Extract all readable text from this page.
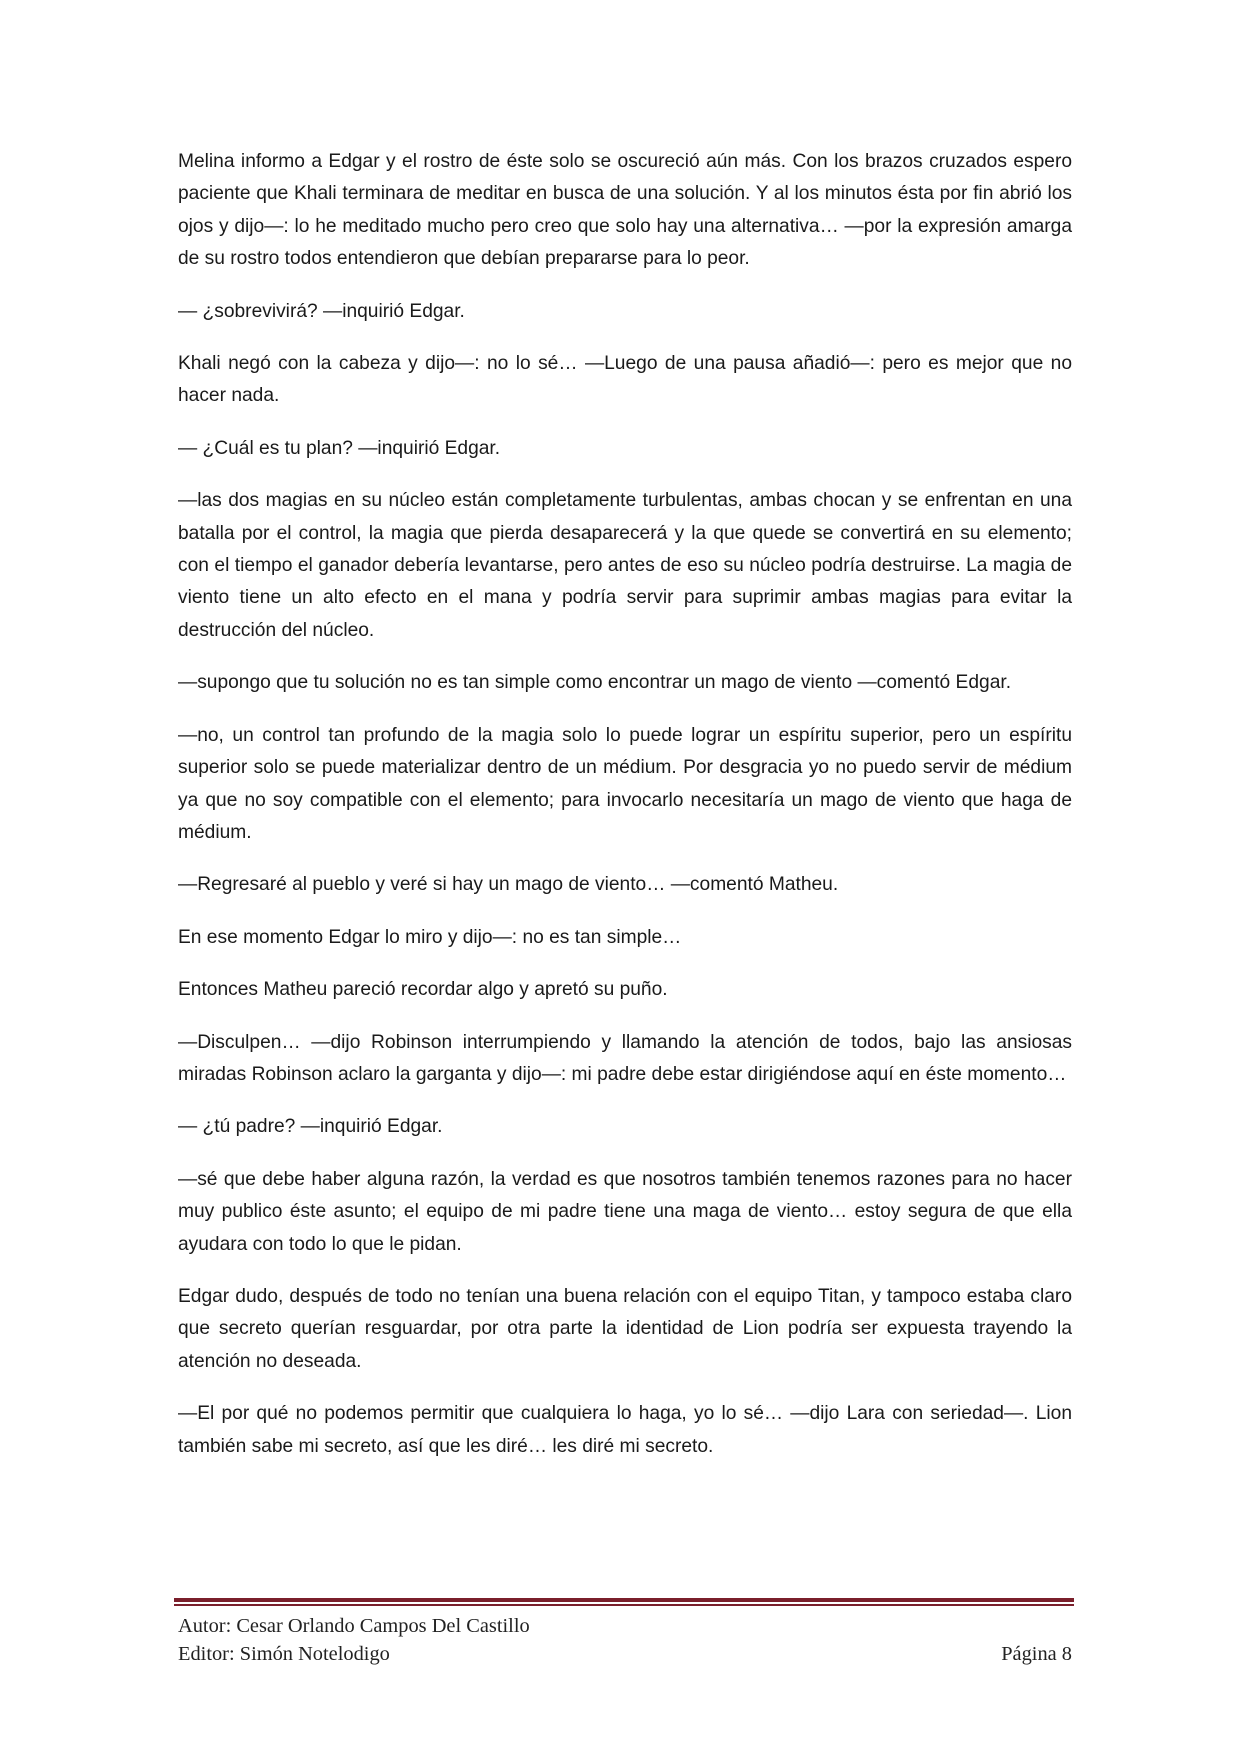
Melina informo a Edgar y el rostro de éste solo se oscureció aún más. Con los brazos cruzados espero paciente que Khali terminara de meditar en busca de una solución. Y al los minutos ésta por fin abrió los ojos y dijo—: lo he meditado mucho pero creo que solo hay una alternativa… —por la expresión amarga de su rostro todos entendieron que debían prepararse para lo peor.

— ¿sobrevivirá? —inquirió Edgar.

Khali negó con la cabeza y dijo—: no lo sé… —Luego de una pausa añadió—: pero es mejor que no hacer nada.

— ¿Cuál es tu plan? —inquirió Edgar.

—las dos magias en su núcleo están completamente turbulentas, ambas chocan y se enfrentan en una batalla por el control, la magia que pierda desaparecerá y la que quede se convertirá en su elemento; con el tiempo el ganador debería levantarse, pero antes de eso su núcleo podría destruirse. La magia de viento tiene un alto efecto en el mana y podría servir para suprimir ambas magias para evitar la destrucción del núcleo.

—supongo que tu solución no es tan simple como encontrar un mago de viento —comentó Edgar.

—no, un control tan profundo de la magia solo lo puede lograr un espíritu superior, pero un espíritu superior solo se puede materializar dentro de un médium. Por desgracia yo no puedo servir de médium ya que no soy compatible con el elemento; para invocarlo necesitaría un mago de viento que haga de médium.

—Regresaré al pueblo y veré si hay un mago de viento… —comentó Matheu.

En ese momento Edgar lo miro y dijo—: no es tan simple…

Entonces Matheu pareció recordar algo y apretó su puño.

—Disculpen… —dijo Robinson interrumpiendo y llamando la atención de todos, bajo las ansiosas miradas Robinson aclaro la garganta y dijo—: mi padre debe estar dirigiéndose aquí en éste momento…

— ¿tú padre? —inquirió Edgar.

—sé que debe haber alguna razón, la verdad es que nosotros también tenemos razones para no hacer muy publico éste asunto; el equipo de mi padre tiene una maga de viento… estoy segura de que ella ayudara con todo lo que le pidan.

Edgar dudo, después de todo no tenían una buena relación con el equipo Titan, y tampoco estaba claro que secreto querían resguardar, por otra parte la identidad de Lion podría ser expuesta trayendo la atención no deseada.

—El por qué no podemos permitir que cualquiera lo haga, yo lo sé… —dijo Lara con seriedad—. Lion también sabe mi secreto, así que les diré… les diré mi secreto.

Autor: Cesar Orlando Campos Del Castillo
Editor: Simón Notelodigo	Página 8
